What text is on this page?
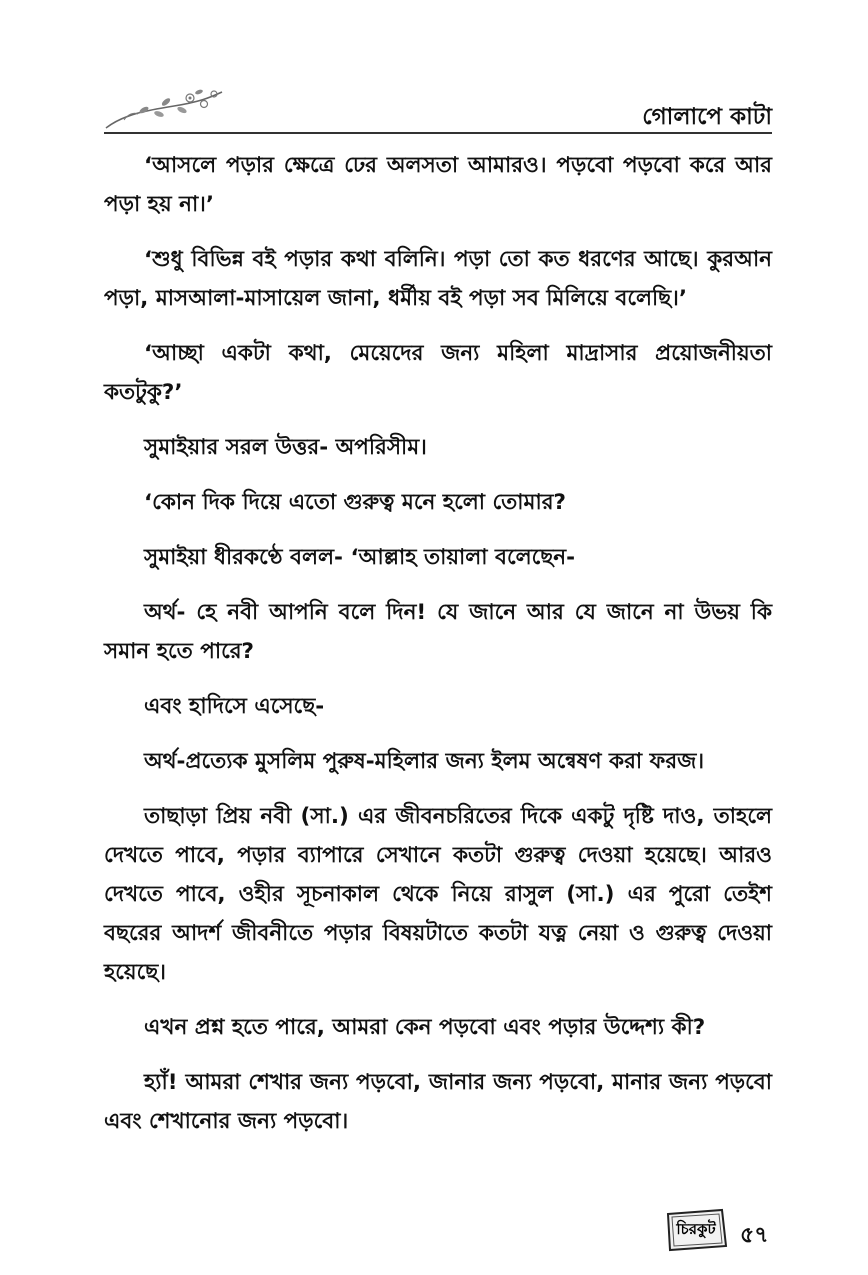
গোলাপে কাটা

‘আসলে পড়ার ক্ষেত্রে ঢের অলসতা আমারও। পড়বো পড়বো করে আর পড়া হয় না।’

‘শুধু বিভিন্ন বই পড়ার কথা বলিনি। পড়া তো কত ধরণের আছে। কুরআন পড়া, মাসআলা-মাসায়েল জানা, ধর্মীয় বই পড়া সব মিলিয়ে বলেছি।’

‘আচ্ছা একটা কথা, মেয়েদের জন্য মহিলা মাদ্রাসার প্রয়োজনীয়তা কতটুকু?’

সুমাইয়ার সরল উত্তর- অপরিসীম।

‘কোন দিক দিয়ে এতো গুরুত্ব মনে হলো তোমার?

সুমাইয়া ধীরকণ্ঠে বলল- ‘আল্লাহ তায়ালা বলেছেন-

অর্থ- হে নবী আপনি বলে দিন! যে জানে আর যে জানে না উভয় কি সমান হতে পারে?

এবং হাদিসে এসেছে-

অর্থ-প্রত্যেক মুসলিম পুরুষ-মহিলার জন্য ইলম অন্বেষণ করা ফরজ।

তাছাড়া প্রিয় নবী (সা.) এর জীবনচরিতের দিকে একটু দৃষ্টি দাও, তাহলে দেখতে পাবে, পড়ার ব্যাপারে সেখানে কতটা গুরুত্ব দেওয়া হয়েছে। আরও দেখতে পাবে, ওহীর সূচনাকাল থেকে নিয়ে রাসুল (সা.) এর পুরো তেইশ বছরের আদর্শ জীবনীতে পড়ার বিষয়টাতে কতটা যত্ন নেয়া ও গুরুত্ব দেওয়া হয়েছে।

এখন প্রশ্ন হতে পারে, আমরা কেন পড়বো এবং পড়ার উদ্দেশ্য কী?

হ্যাঁ! আমরা শেখার জন্য পড়বো, জানার জন্য পড়বো, মানার জন্য পড়বো এবং শেখানোর জন্য পড়বো।

চিরকুট	৫৭
